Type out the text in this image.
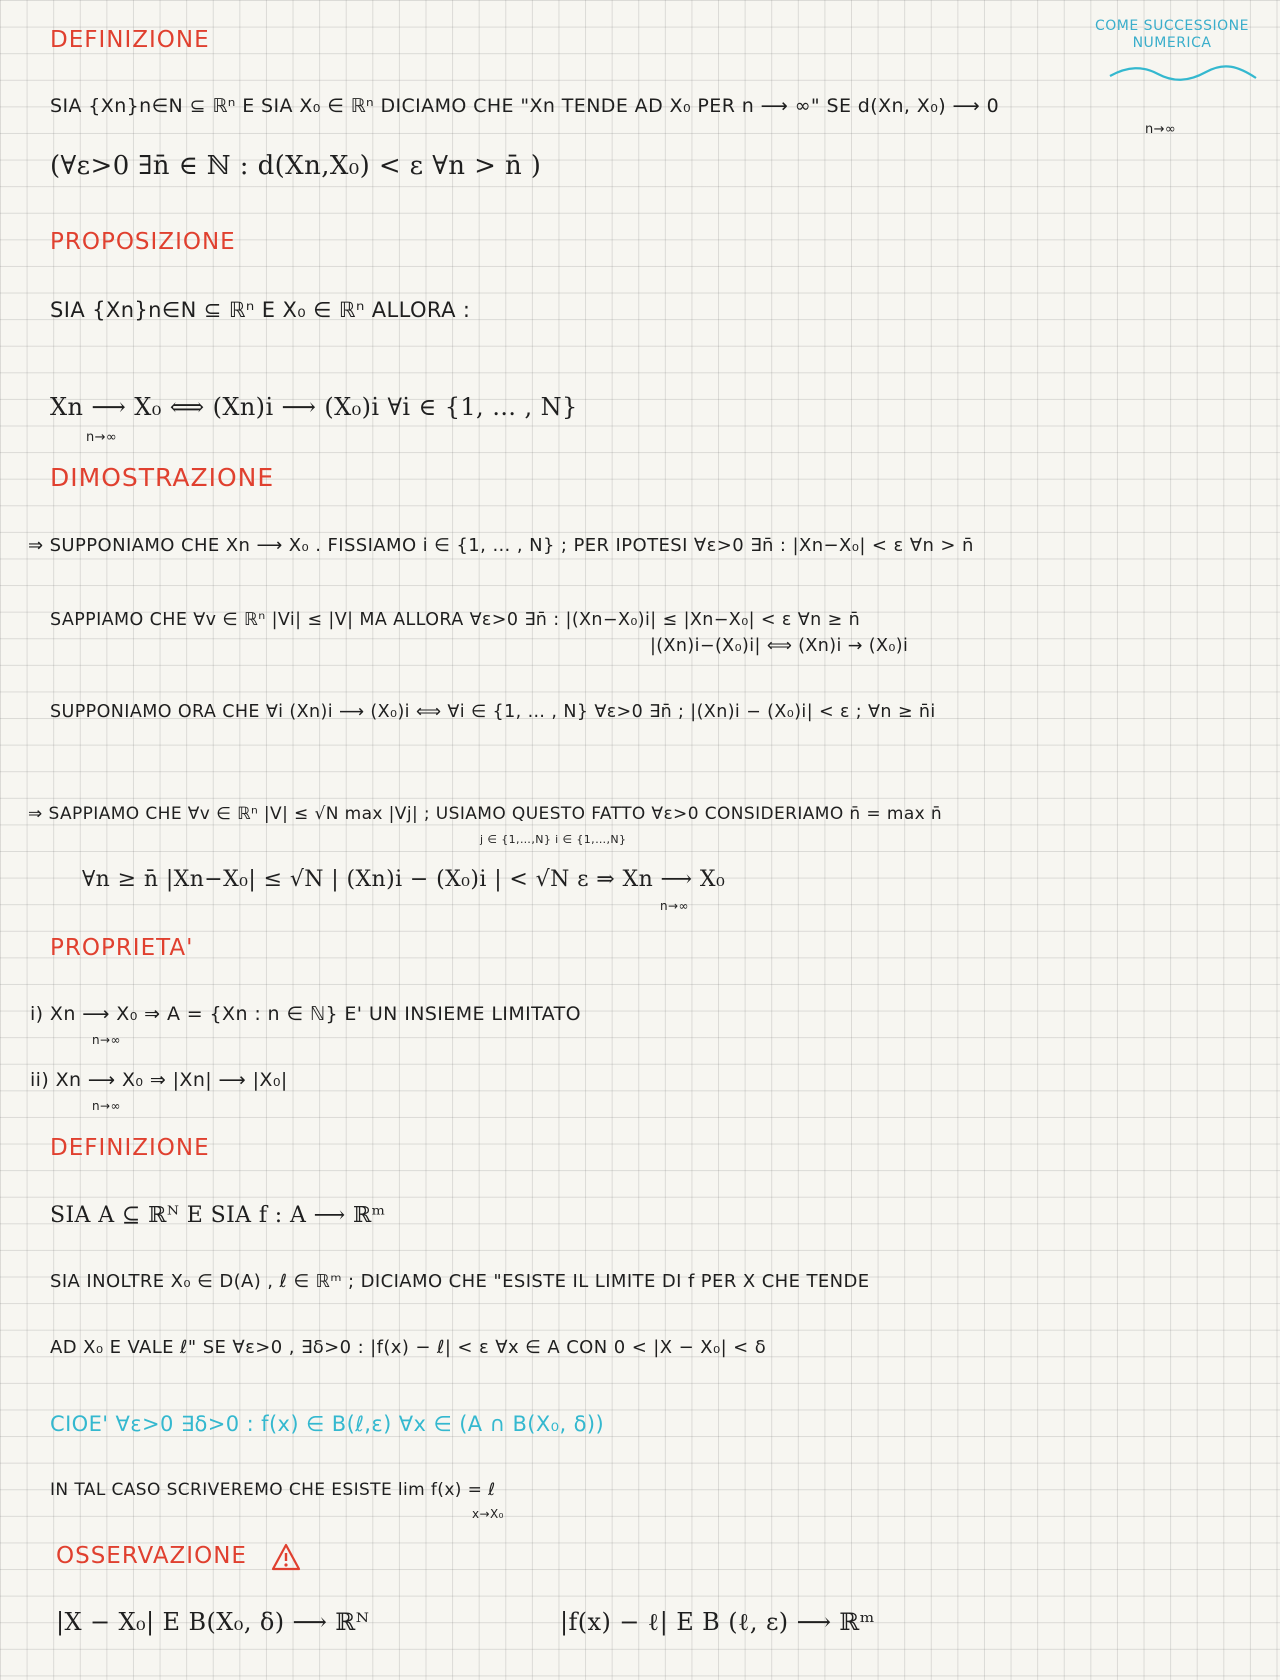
COME SUCCESSIONE NUMERICA
DEFINIZIONE
SIA {Xn}n∈N ⊆ ℝⁿ E SIA X₀ ∈ ℝⁿ DICIAMO CHE "Xn TENDE AD X₀ PER n ⟶ ∞" SE d(Xn, X₀) ⟶ 0
n→∞
(∀ε>0 ∃n̄ ∈ ℕ : d(Xn,X₀) < ε ∀n > n̄ )
PROPOSIZIONE
SIA {Xn}n∈N ⊆ ℝⁿ E X₀ ∈ ℝⁿ ALLORA :
Xn ⟶ X₀ ⟺ (Xn)i ⟶ (X₀)i ∀i ∈ {1, … , N}
n→∞
DIMOSTRAZIONE
⇒ SUPPONIAMO CHE Xn ⟶ X₀ . FISSIAMO i ∈ {1, … , N} ; PER IPOTESI ∀ε>0 ∃n̄ : |Xn−X₀| < ε ∀n > n̄
SAPPIAMO CHE ∀v ∈ ℝⁿ |Vi| ≤ |V| MA ALLORA ∀ε>0 ∃n̄ : |(Xn−X₀)i| ≤ |Xn−X₀| < ε ∀n ≥ n̄
|(Xn)i−(X₀)i| ⟺ (Xn)i → (X₀)i
SUPPONIAMO ORA CHE ∀i (Xn)i ⟶ (X₀)i ⟺ ∀i ∈ {1, … , N} ∀ε>0 ∃n̄ ; |(Xn)i − (X₀)i| < ε ; ∀n ≥ n̄i
⇒ SAPPIAMO CHE ∀v ∈ ℝⁿ |V| ≤ √N max |Vj| ; USIAMO QUESTO FATTO ∀ε>0 CONSIDERIAMO n̄ = max n̄
j ∈ {1,…,N} i ∈ {1,…,N}
∀n ≥ n̄ |Xn−X₀| ≤ √N | (Xn)i − (X₀)i | < √N ε ⇒ Xn ⟶ X₀
n→∞
PROPRIETA'
i) Xn ⟶ X₀ ⇒ A = {Xn : n ∈ ℕ} E' UN INSIEME LIMITATO
n→∞
ii) Xn ⟶ X₀ ⇒ |Xn| ⟶ |X₀|
n→∞
DEFINIZIONE
SIA A ⊆ ℝᴺ E SIA f : A ⟶ ℝᵐ
SIA INOLTRE X₀ ∈ D(A) , ℓ ∈ ℝᵐ ; DICIAMO CHE "ESISTE IL LIMITE DI f PER X CHE TENDE
AD X₀ E VALE ℓ" SE ∀ε>0 , ∃δ>0 : |f(x) − ℓ| < ε ∀x ∈ A CON 0 < |X − X₀| < δ
CIOE' ∀ε>0 ∃δ>0 : f(x) ∈ B(ℓ,ε) ∀x ∈ (A ∩ B(X₀, δ))
IN TAL CASO SCRIVEREMO CHE ESISTE lim f(x) = ℓ
x→X₀
OSSERVAZIONE
|X − X₀| E B(X₀, δ) ⟶ ℝᴺ	|f(x) − ℓ| E B (ℓ, ε) ⟶ ℝᵐ
